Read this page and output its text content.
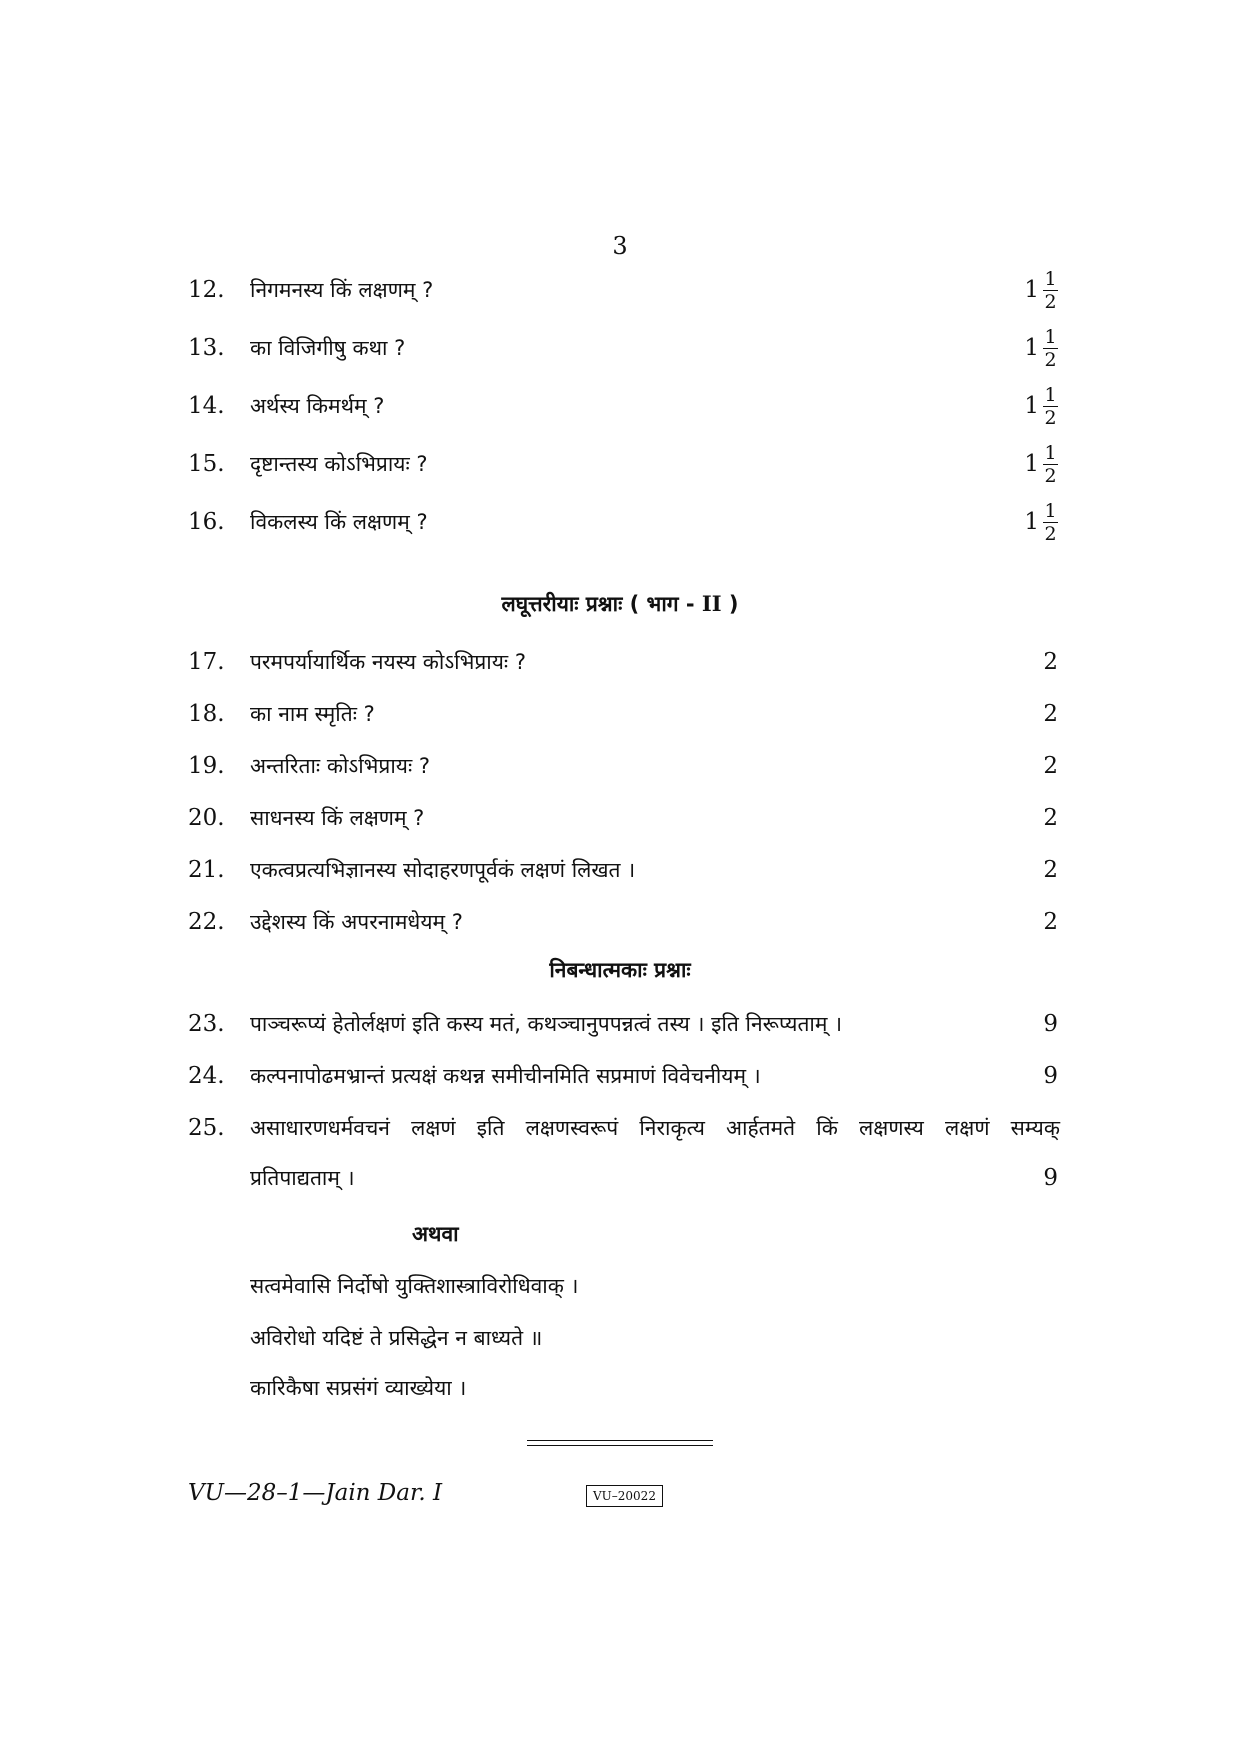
3
12.	निगमनस्य किं लक्षणम् ?	$1 \frac{1}{2}$
13.	का विजिगीषु कथा ?	$1 \frac{1}{2}$
14.	अर्थस्य किमर्थम् ?	$1 \frac{1}{2}$
15.	दृष्टान्तस्य कोऽभिप्रायः ?	$1 \frac{1}{2}$
16.	विकलस्य किं लक्षणम् ?	$1 \frac{1}{2}$
लघूत्तरीयाः प्रश्नाः ( भाग - II )
17.	परमपर्यायार्थिक नयस्य कोऽभिप्रायः ?	2
18.	का नाम स्मृतिः ?	2
19.	अन्तरिताः कोऽभिप्रायः ?	2
20.	साधनस्य किं लक्षणम् ?	2
21.	एकत्वप्रत्यभिज्ञानस्य सोदाहरणपूर्वकं लक्षणं लिखत ।	2
22.	उद्देशस्य किं अपरनामधेयम् ?	2
निबन्धात्मकाः प्रश्नाः
23.	पाञ्चरूप्यं हेतोर्लक्षणं इति कस्य मतं, कथञ्चानुपपन्नत्वं तस्य । इति निरूप्यताम् ।	9
24.	कल्पनापोढमभ्रान्तं प्रत्यक्षं कथन्न समीचीनमिति सप्रमाणं विवेचनीयम् ।	9
25.	असाधारणधर्मवचनं लक्षणं इति लक्षणस्वरूपं निराकृत्य आर्हतमते किं लक्षणस्य लक्षणं सम्यक्
प्रतिपाद्यताम् ।	9
अथवा
सत्वमेवासि निर्दोषो युक्तिशास्त्राविरोधिवाक् ।
अविरोधो यदिष्टं ते प्रसिद्धेन न बाध्यते ॥
कारिकैषा सप्रसंगं व्याख्येया ।
VU—28–1—Jain Dar. I	VU–20022
